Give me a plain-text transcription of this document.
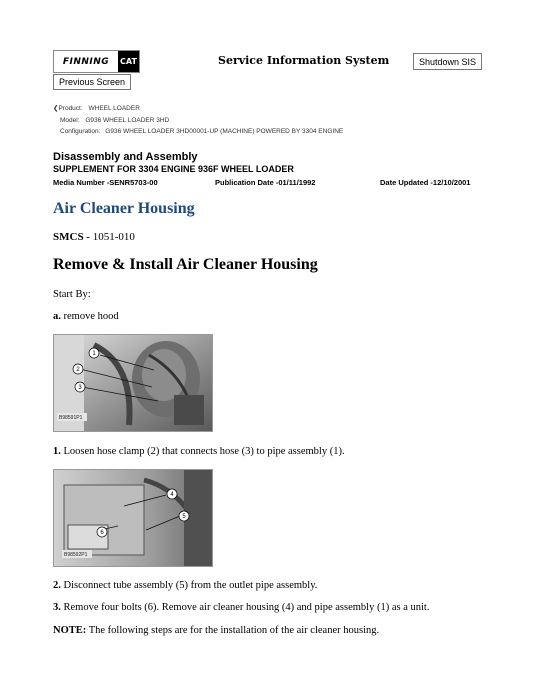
FINNING	CAT	Service Information System	Shutdown SIS
Previous Screen
❮Product: WHEEL LOADER
Model: G936 WHEEL LOADER 3HD
Configuration: G936 WHEEL LOADER 3HD00001-UP (MACHINE) POWERED BY 3304 ENGINE
Disassembly and Assembly
SUPPLEMENT FOR 3304 ENGINE 936F WHEEL LOADER
Media Number -SENR5703-00	Publication Date -01/11/1992	Date Updated -12/10/2001
Air Cleaner Housing
SMCS - 1051-010
Remove & Install Air Cleaner Housing
Start By:
a. remove hood
1
2
3
B98591P1
1. Loosen hose clamp (2) that connects hose (3) to pipe assembly (1).
4
5
6
B98592P1
2. Disconnect tube assembly (5) from the outlet pipe assembly.
3. Remove four bolts (6). Remove air cleaner housing (4) and pipe assembly (1) as a unit.
NOTE: The following steps are for the installation of the air cleaner housing.
